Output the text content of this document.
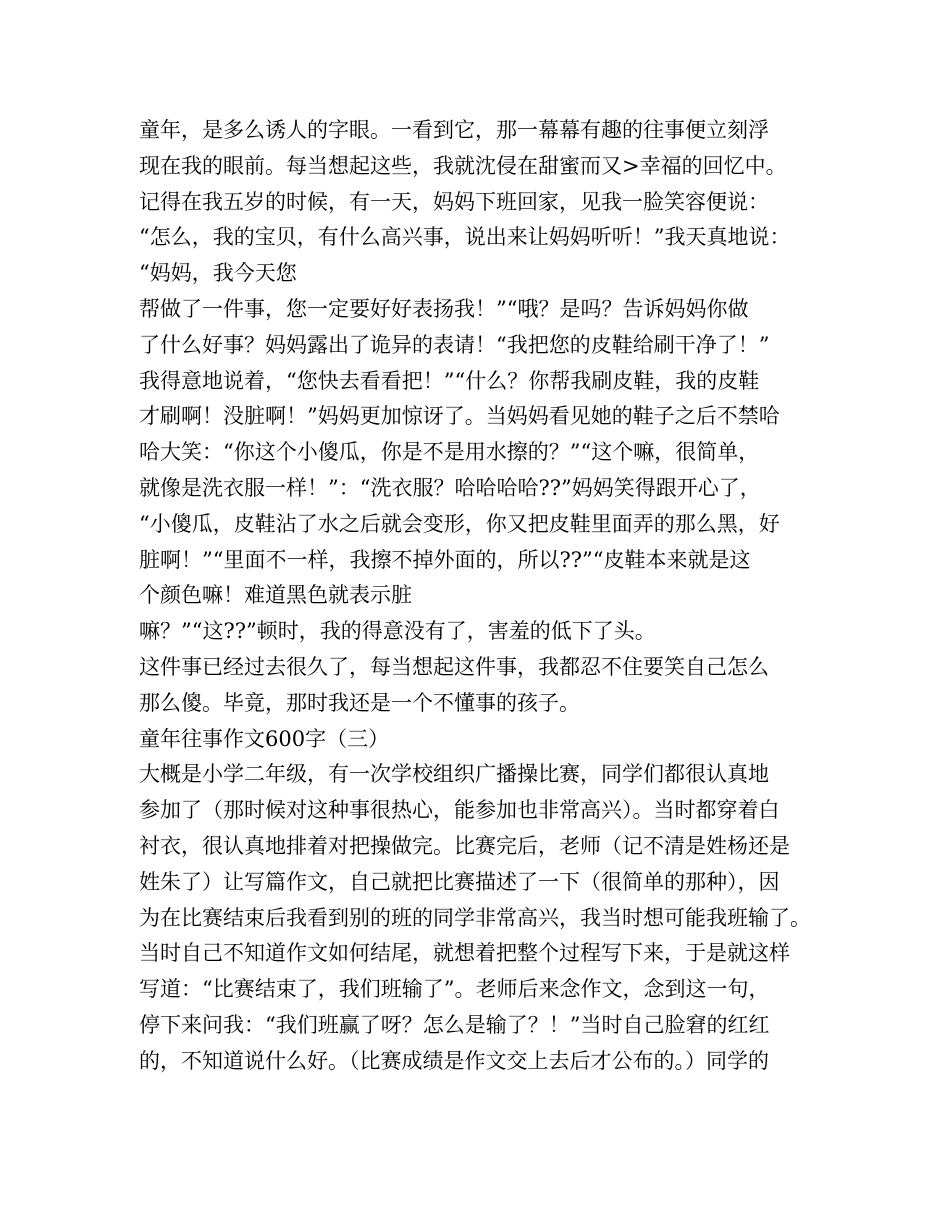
童年，是多么诱人的字眼。一看到它，那一幕幕有趣的往事便立刻浮
现在我的眼前。每当想起这些，我就沈侵在甜蜜而又>幸福的回忆中。
记得在我五岁的时候，有一天，妈妈下班回家，见我一脸笑容便说：
“怎么，我的宝贝，有什么高兴事，说出来让妈妈听听！”我天真地说：
“妈妈，我今天您
帮做了一件事，您一定要好好表扬我！”“哦？是吗？告诉妈妈你做
了什么好事？妈妈露出了诡异的表请！“我把您的皮鞋给刷干净了！”
我得意地说着，“您快去看看把！”“什么？你帮我刷皮鞋，我的皮鞋
才刷啊！没脏啊！”妈妈更加惊讶了。当妈妈看见她的鞋子之后不禁哈
哈大笑：“你这个小傻瓜，你是不是用水擦的？”“这个嘛，很简单，
就像是洗衣服一样！”：“洗衣服？哈哈哈哈??”妈妈笑得跟开心了，
“小傻瓜，皮鞋沾了水之后就会变形，你又把皮鞋里面弄的那么黑，好
脏啊！”“里面不一样，我擦不掉外面的，所以??”“皮鞋本来就是这
个颜色嘛！难道黑色就表示脏
嘛？”“这??”顿时，我的得意没有了，害羞的低下了头。
这件事已经过去很久了，每当想起这件事，我都忍不住要笑自己怎么
那么傻。毕竟，那时我还是一个不懂事的孩子。
童年往事作文600字（三）
大概是小学二年级，有一次学校组织广播操比赛，同学们都很认真地
参加了（那时候对这种事很热心，能参加也非常高兴）。当时都穿着白
衬衣，很认真地排着对把操做完。比赛完后，老师（记不清是姓杨还是
姓朱了）让写篇作文，自己就把比赛描述了一下（很简单的那种），因
为在比赛结束后我看到别的班的同学非常高兴，我当时想可能我班输了。
当时自己不知道作文如何结尾，就想着把整个过程写下来，于是就这样
写道：“比赛结束了，我们班输了”。老师后来念作文，念到这一句，
停下来问我：“我们班赢了呀？怎么是输了？！”当时自己脸窘的红红
的，不知道说什么好。（比赛成绩是作文交上去后才公布的。）同学的
